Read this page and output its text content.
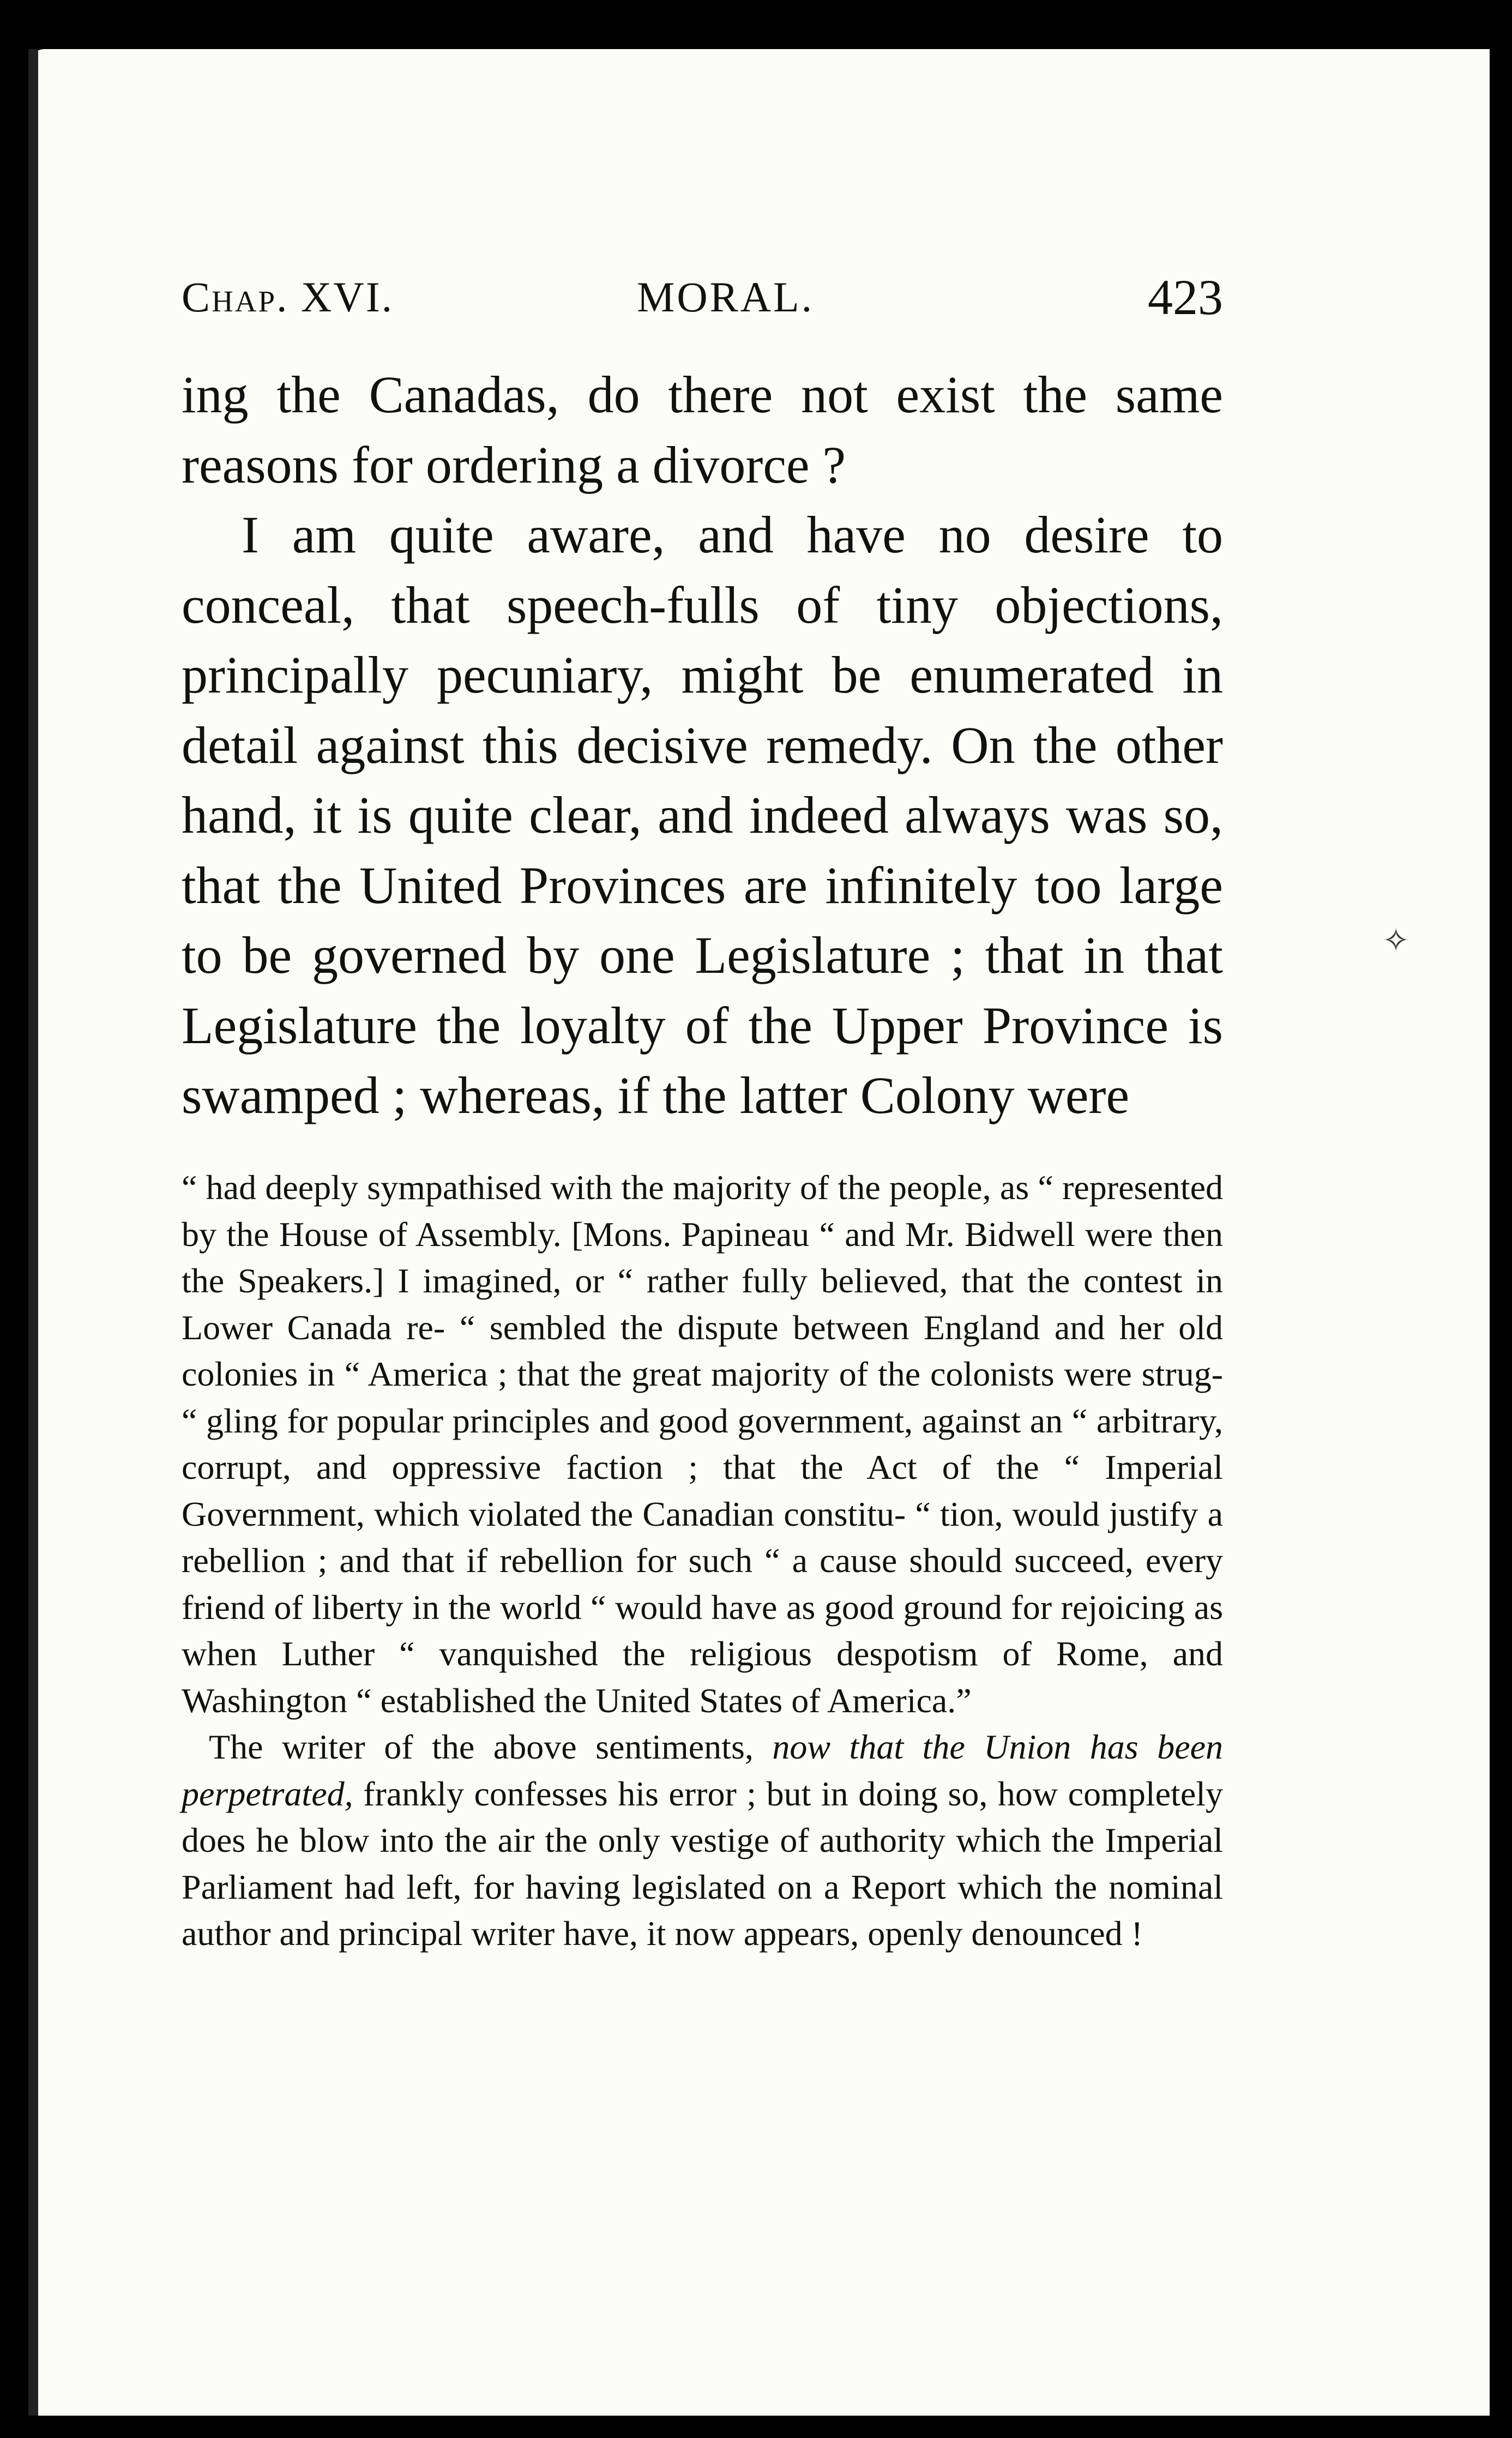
Chap. XVI.	MORAL.	423

ing the Canadas, do there not exist the same reasons for ordering a divorce ?

I am quite aware, and have no desire to conceal, that speech-fulls of tiny objections, principally pecuniary, might be enumerated in detail against this decisive remedy. On the other hand, it is quite clear, and indeed always was so, that the United Provinces are infinitely too large to be governed by one Legislature ; that in that Legislature the loyalty of the Upper Province is swamped ; whereas, if the latter Colony were

“ had deeply sympathised with the majority of the people, as “ represented by the House of Assembly. [Mons. Papineau “ and Mr. Bidwell were then the Speakers.] I imagined, or “ rather fully believed, that the contest in Lower Canada re- “ sembled the dispute between England and her old colonies in “ America ; that the great majority of the colonists were strug- “ gling for popular principles and good government, against an “ arbitrary, corrupt, and oppressive faction ; that the Act of the “ Imperial Government, which violated the Canadian constitu- “ tion, would justify a rebellion ; and that if rebellion for such “ a cause should succeed, every friend of liberty in the world “ would have as good ground for rejoicing as when Luther “ vanquished the religious despotism of Rome, and Washington “ established the United States of America.”

The writer of the above sentiments, now that the Union has been perpetrated, frankly confesses his error ; but in doing so, how completely does he blow into the air the only vestige of authority which the Imperial Parliament had left, for having legislated on a Report which the nominal author and principal writer have, it now appears, openly denounced !

✧
